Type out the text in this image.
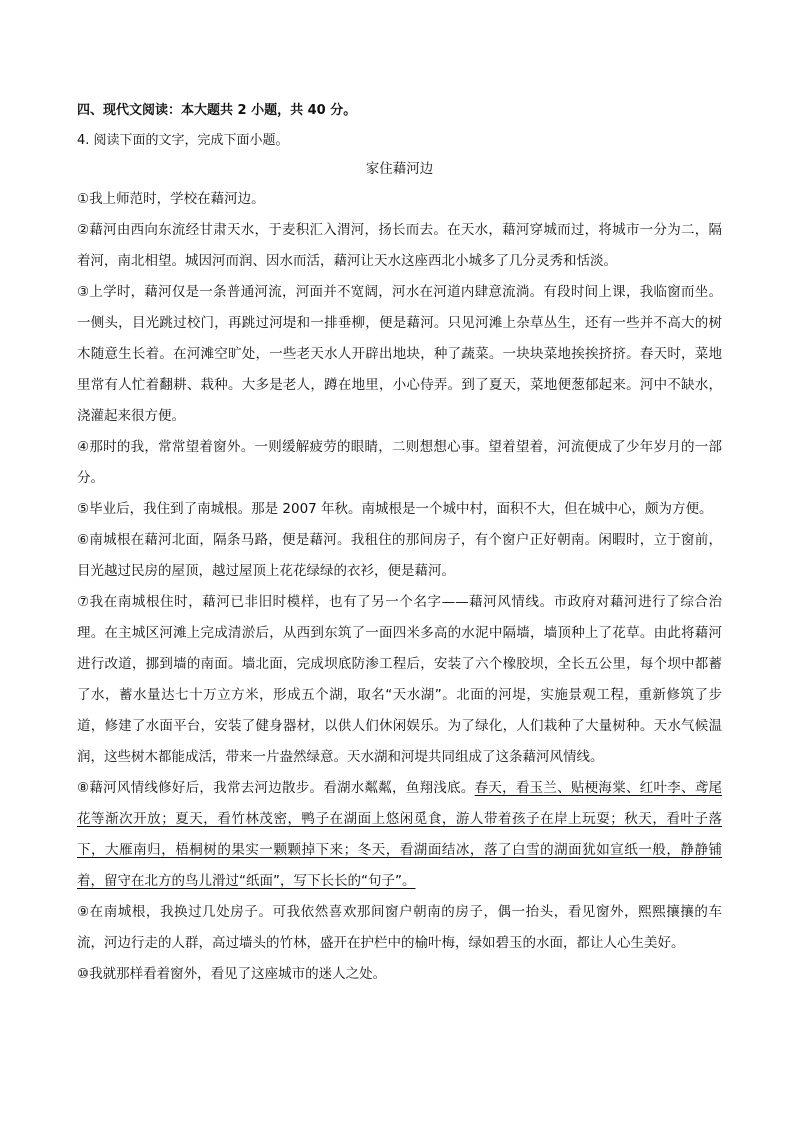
四、现代文阅读：本大题共 2 小题，共 40 分。
4. 阅读下面的文字，完成下面小题。
家住藉河边

①我上师范时，学校在藉河边。

②藉河由西向东流经甘肃天水，于麦积汇入渭河，扬长而去。在天水，藉河穿城而过，将城市一分为二，隔着河，南北相望。城因河而润、因水而活，藉河让天水这座西北小城多了几分灵秀和恬淡。

③上学时，藉河仅是一条普通河流，河面并不宽阔，河水在河道内肆意流淌。有段时间上课，我临窗而坐。一侧头，目光跳过校门，再跳过河堤和一排垂柳，便是藉河。只见河滩上杂草丛生，还有一些并不高大的树木随意生长着。在河滩空旷处，一些老天水人开辟出地块，种了蔬菜。一块块菜地挨挨挤挤。春天时，菜地里常有人忙着翻耕、栽种。大多是老人，蹲在地里，小心侍弄。到了夏天，菜地便葱郁起来。河中不缺水，浇灌起来很方便。

④那时的我，常常望着窗外。一则缓解疲劳的眼睛，二则想想心事。望着望着，河流便成了少年岁月的一部分。

⑤毕业后，我住到了南城根。那是 2007 年秋。南城根是一个城中村，面积不大，但在城中心，颇为方便。

⑥南城根在藉河北面，隔条马路，便是藉河。我租住的那间房子，有个窗户正好朝南。闲暇时，立于窗前，目光越过民房的屋顶，越过屋顶上花花绿绿的衣衫，便是藉河。

⑦我在南城根住时，藉河已非旧时模样，也有了另一个名字——藉河风情线。市政府对藉河进行了综合治理。在主城区河滩上完成清淤后，从西到东筑了一面四米多高的水泥中隔墙，墙顶种上了花草。由此将藉河进行改道，挪到墙的南面。墙北面，完成坝底防渗工程后，安装了六个橡胶坝，全长五公里，每个坝中都蓄了水，蓄水量达七十万立方米，形成五个湖，取名“天水湖”。北面的河堤，实施景观工程，重新修筑了步道，修建了水面平台，安装了健身器材，以供人们休闲娱乐。为了绿化，人们栽种了大量树种。天水气候温润，这些树木都能成活，带来一片盎然绿意。天水湖和河堤共同组成了这条藉河风情线。

⑧藉河风情线修好后，我常去河边散步。看湖水粼粼，鱼翔浅底。春天，看玉兰、贴梗海棠、红叶李、鸢尾花等渐次开放；夏天，看竹林茂密，鸭子在湖面上悠闲觅食，游人带着孩子在岸上玩耍；秋天，看叶子落下，大雁南归，梧桐树的果实一颗颗掉下来；冬天，看湖面结冰，落了白雪的湖面犹如宣纸一般，静静铺着，留守在北方的鸟儿滑过“纸面”，写下长长的“句子”。

⑨在南城根，我换过几处房子。可我依然喜欢那间窗户朝南的房子，偶一抬头，看见窗外，熙熙攘攘的车流，河边行走的人群，高过墙头的竹林，盛开在护栏中的榆叶梅，绿如碧玉的水面，都让人心生美好。

⑩我就那样看着窗外，看见了这座城市的迷人之处。
